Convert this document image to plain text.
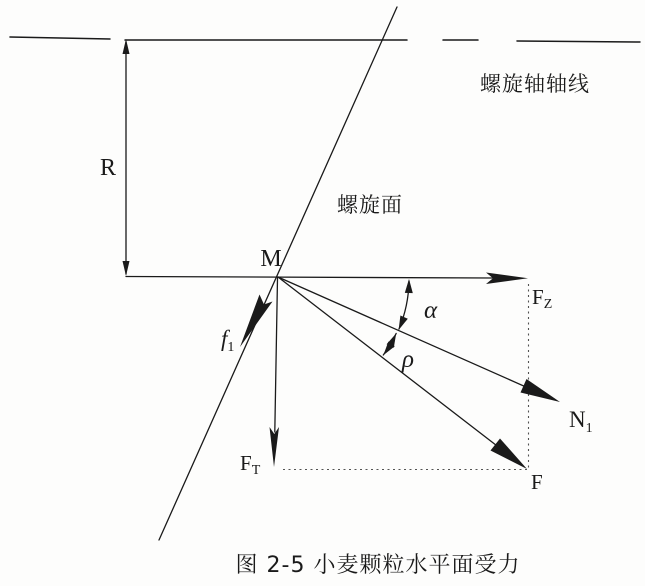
螺旋轴轴线
螺旋面
R
M
FZ
FT
$f_1$
$N_1$
F
α
ρ
图 2-5 小麦颗粒水平面受力
